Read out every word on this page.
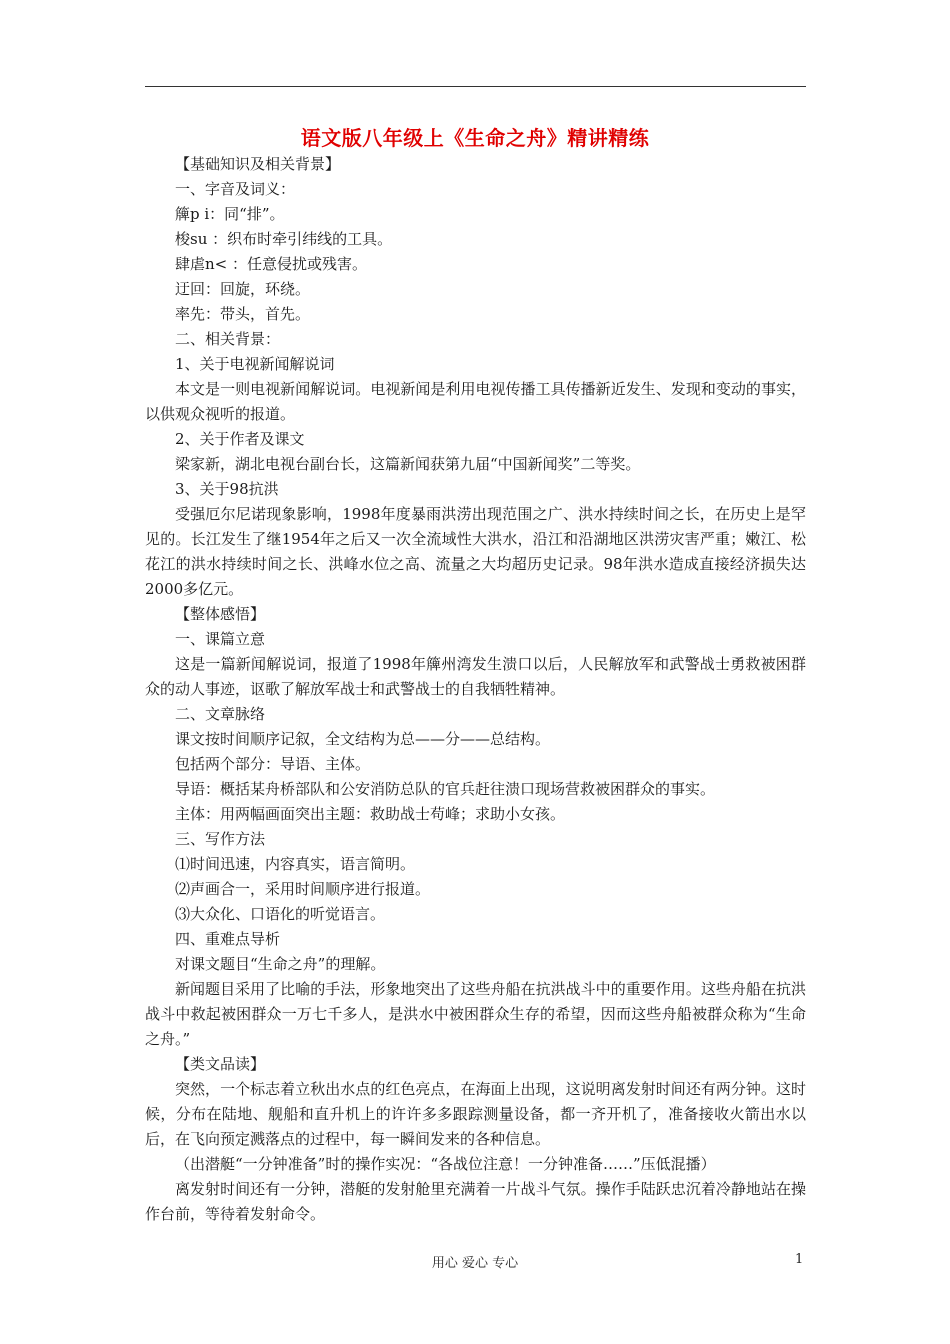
语文版八年级上《生命之舟》精讲精练

【基础知识及相关背景】

一、字音及词义：

簰p i：同“排”。

梭su ：织布时牵引纬线的工具。

肆虐n< ：任意侵扰或残害。

迂回：回旋，环绕。

率先：带头，首先。

二、相关背景：

1、关于电视新闻解说词

本文是一则电视新闻解说词。电视新闻是利用电视传播工具传播新近发生、发现和变动的事实，以供观众视听的报道。

2、关于作者及课文

梁家新，湖北电视台副台长，这篇新闻获第九届“中国新闻奖”二等奖。

3、关于98抗洪

受强厄尔尼诺现象影响，1998年度暴雨洪涝出现范围之广、洪水持续时间之长，在历史上是罕见的。长江发生了继1954年之后又一次全流域性大洪水，沿江和沿湖地区洪涝灾害严重；嫩江、松花江的洪水持续时间之长、洪峰水位之高、流量之大均超历史记录。98年洪水造成直接经济损失达2000多亿元。

【整体感悟】

一、课篇立意

这是一篇新闻解说词，报道了1998年簰州湾发生溃口以后，人民解放军和武警战士勇救被困群众的动人事迹，讴歌了解放军战士和武警战士的自我牺牲精神。

二、文章脉络

课文按时间顺序记叙，全文结构为总——分——总结构。

包括两个部分：导语、主体。

导语：概括某舟桥部队和公安消防总队的官兵赶往溃口现场营救被困群众的事实。

主体：用两幅画面突出主题：救助战士苟峰；求助小女孩。

三、写作方法

⑴时间迅速，内容真实，语言简明。

⑵声画合一，采用时间顺序进行报道。

⑶大众化、口语化的听觉语言。

四、重难点导析

对课文题目“生命之舟”的理解。

新闻题目采用了比喻的手法，形象地突出了这些舟船在抗洪战斗中的重要作用。这些舟船在抗洪战斗中救起被困群众一万七千多人，是洪水中被困群众生存的希望，因而这些舟船被群众称为“生命之舟。”

【类文品读】

突然，一个标志着立秋出水点的红色亮点，在海面上出现，这说明离发射时间还有两分钟。这时候，分布在陆地、舰船和直升机上的许许多多跟踪测量设备，都一齐开机了，准备接收火箭出水以后，在飞向预定溅落点的过程中，每一瞬间发来的各种信息。

（出潜艇“一分钟准备”时的操作实况：“各战位注意！一分钟准备……”压低混播）

离发射时间还有一分钟，潜艇的发射舱里充满着一片战斗气氛。操作手陆跃忠沉着冷静地站在操作台前，等待着发射命令。

用心 爱心 专心	1
